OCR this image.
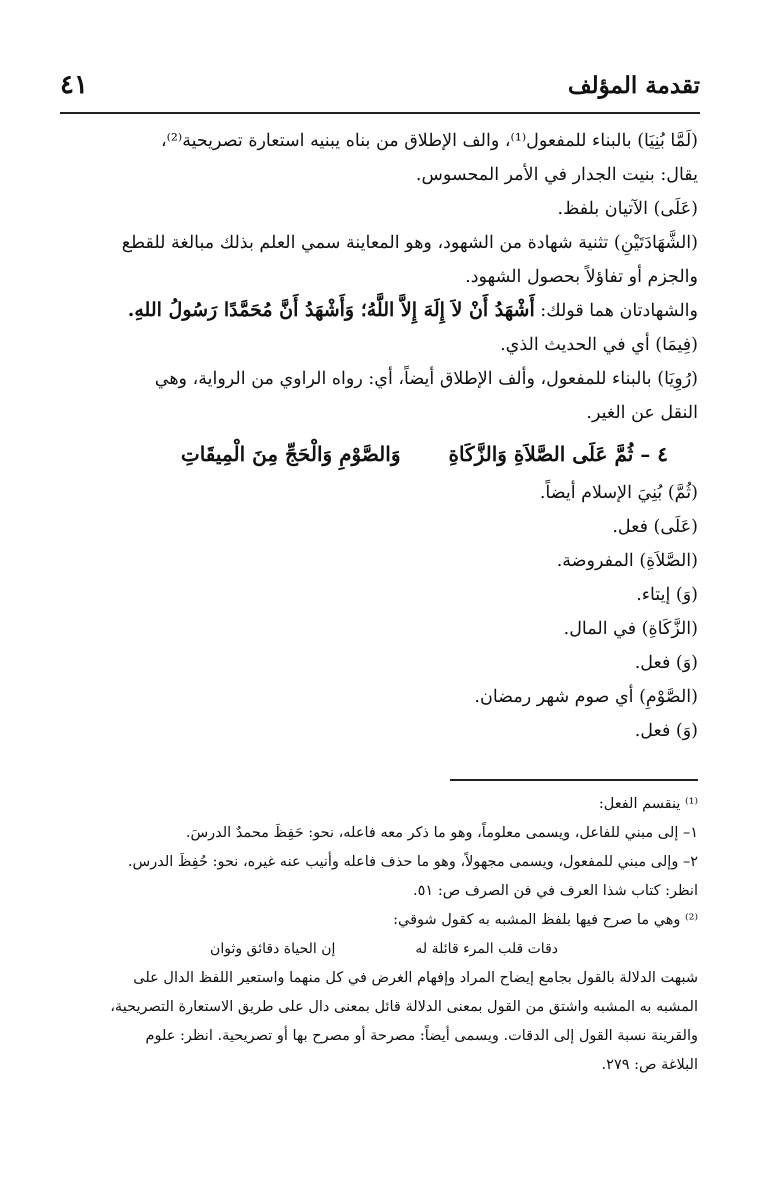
تقدمة المؤلف
٤١

(لَمَّا بُنِيَا) بالبناء للمفعول⁽¹⁾، والف الإطلاق من بناه يبنيه استعارة تصريحية⁽²⁾،

يقال: بنيت الجدار في الأمر المحسوس.

(عَلَى) الآتيان بلفظ.

(الشَّهَادَتَيْنِ) تثنية شهادة من الشهود، وهو المعاينة سمي العلم بذلك مبالغة للقطع

والجزم أو تفاؤلاً بحصول الشهود.

والشهادتان هما قولك: أَشْهَدُ أَنْ لاَ إِلَهَ إِلاَّ اللَّهُ؛ وَأَشْهَدُ أَنَّ مُحَمَّدًا رَسُولُ اللهِ.

(فِيمَا) أي في الحديث الذي.

(رُوِيَا) بالبناء للمفعول، وألف الإطلاق أيضاً، أي: رواه الراوي من الرواية، وهي

النقل عن الغير.

٤ – ثُمَّ عَلَى الصَّلاَةِ وَالزَّكَاةِ
وَالصَّوْمِ وَالْحَجِّ مِنَ الْمِيقَاتِ

(ثُمَّ) بُنِيَ الإسلام أيضاً.

(عَلَى) فعل.

(الصَّلاَةِ) المفروضة.

(وَ) إيتاء.

(الزَّكَاةِ) في المال.

(وَ) فعل.

(الصَّوْمِ) أي صوم شهر رمضان.

(وَ) فعل.

⁽¹⁾ ينقسم الفعل:

١– إلى مبني للفاعل، ويسمى معلوماً، وهو ما ذكر معه فاعله، نحو: حَفِظَ محمدٌ الدرسَ.

٢– وإلى مبني للمفعول، ويسمى مجهولاً، وهو ما حذف فاعله وأنيب عنه غيره، نحو: حُفِظَ الدرس.

انظر: كتاب شذا العرف في فن الصرف ص: ٥١.

⁽²⁾ وهي ما صرح فيها بلفظ المشبه به كقول شوقي:

دقات قلب المرء قائلة له
إن الحياة دقائق وثوان

شبهت الدلالة بالقول بجامع إيضاح المراد وإفهام الغرض في كل منهما واستعير اللفظ الدال على

المشبه به المشبه واشتق من القول بمعنى الدلالة قائل بمعنى دال على طريق الاستعارة التصريحية،

والقرينة نسبة القول إلى الدقات. ويسمى أيضاً: مصرحة أو مصرح بها أو تصريحية. انظر: علوم

البلاغة ص: ٢٧٩.
